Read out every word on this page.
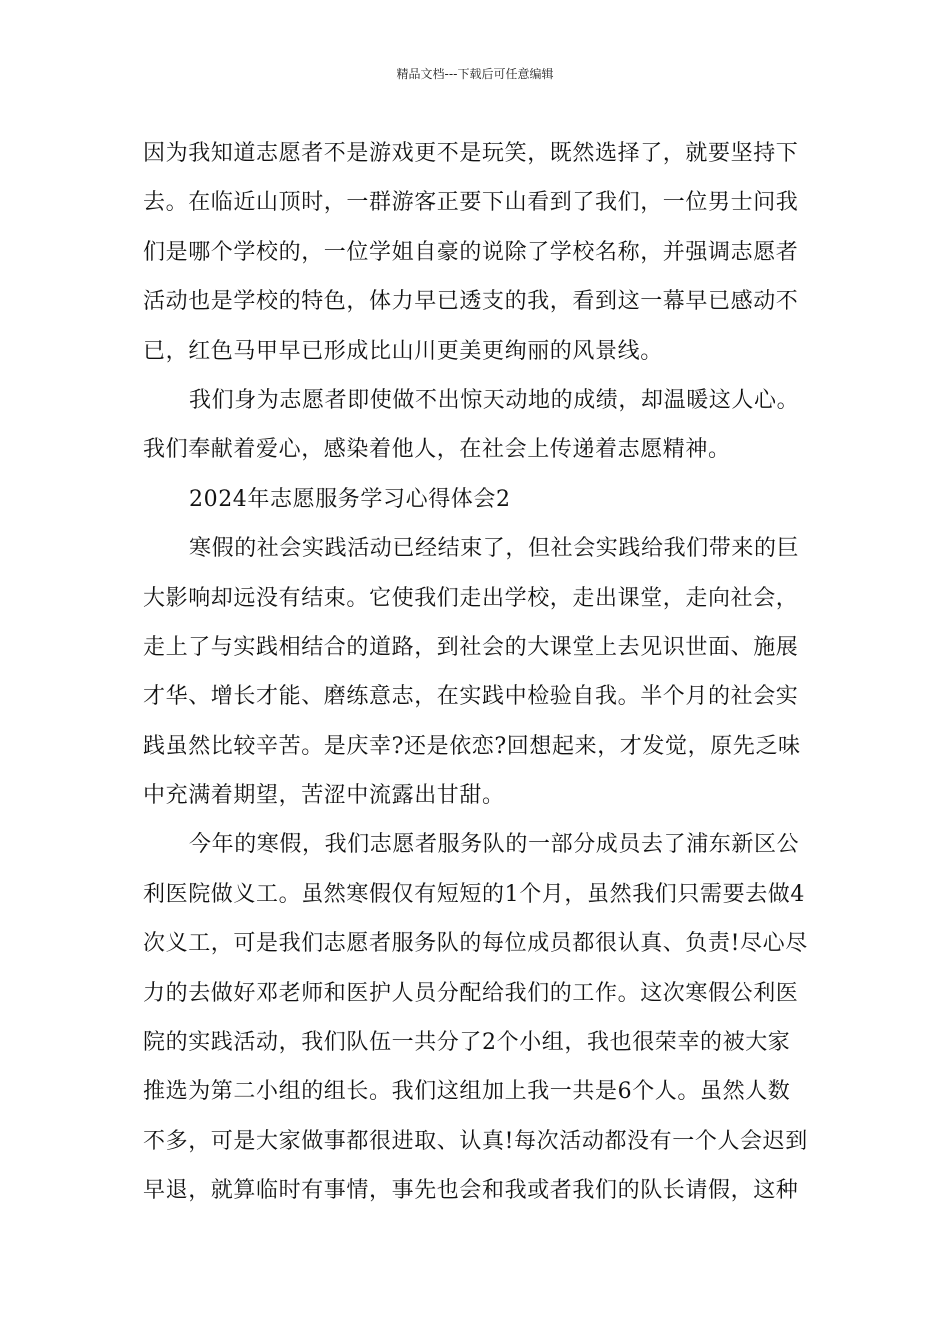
精品文档---下载后可任意编辑
因为我知道志愿者不是游戏更不是玩笑，既然选择了，就要坚持下
去。在临近山顶时，一群游客正要下山看到了我们，一位男士问我
们是哪个学校的，一位学姐自豪的说除了学校名称，并强调志愿者
活动也是学校的特色，体力早已透支的我，看到这一幕早已感动不
已，红色马甲早已形成比山川更美更绚丽的风景线。
我们身为志愿者即使做不出惊天动地的成绩，却温暖这人心。
我们奉献着爱心，感染着他人，在社会上传递着志愿精神。
2024年志愿服务学习心得体会2
寒假的社会实践活动已经结束了，但社会实践给我们带来的巨
大影响却远没有结束。它使我们走出学校，走出课堂，走向社会，
走上了与实践相结合的道路，到社会的大课堂上去见识世面、施展
才华、增长才能、磨练意志，在实践中检验自我。半个月的社会实
践虽然比较辛苦。是庆幸?还是依恋?回想起来，才发觉，原先乏味
中充满着期望，苦涩中流露出甘甜。
今年的寒假，我们志愿者服务队的一部分成员去了浦东新区公
利医院做义工。虽然寒假仅有短短的1个月，虽然我们只需要去做4
次义工，可是我们志愿者服务队的每位成员都很认真、负责!尽心尽
力的去做好邓老师和医护人员分配给我们的工作。这次寒假公利医
院的实践活动，我们队伍一共分了2个小组，我也很荣幸的被大家
推选为第二小组的组长。我们这组加上我一共是6个人。虽然人数
不多，可是大家做事都很进取、认真!每次活动都没有一个人会迟到
早退，就算临时有事情，事先也会和我或者我们的队长请假，这种
